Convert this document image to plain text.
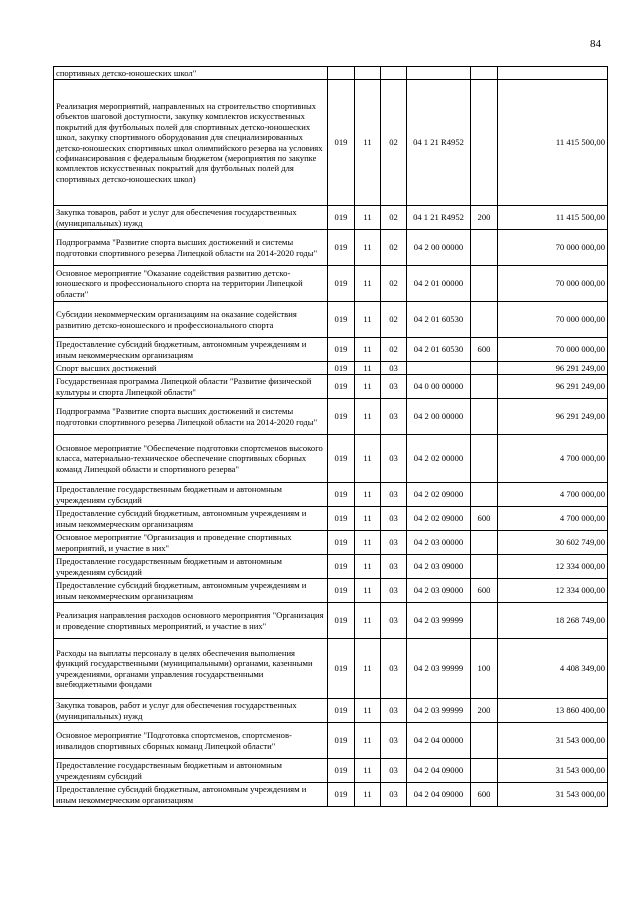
84
спортивных детско-юношеских школ"						
Реализация мероприятий, направленных на строительство спортивных объектов шаговой доступности, закупку комплектов искусственных покрытий для футбольных полей для спортивных детско-юношеских школ, закупку спортивного оборудования для специализированных детско-юношеских спортивных школ олимпийского резерва на условиях софинансирования с федеральным бюджетом (мероприятия по закупке комплектов искусственных покрытий для футбольных полей для спортивных детско-юношеских школ)	019	11	02	04 1 21 R4952		11 415 500,00
Закупка товаров, работ и услуг для обеспечения государственных (муниципальных) нужд	019	11	02	04 1 21 R4952	200	11 415 500,00
Подпрограмма "Развитие спорта высших достижений и системы подготовки спортивного резерва Липецкой области на 2014-2020 годы"	019	11	02	04 2 00 00000		70 000 000,00
Основное мероприятие "Оказание содействия развитию детско-юношеского и профессионального спорта на территории Липецкой области"	019	11	02	04 2 01 00000		70 000 000,00
Субсидии некоммерческим организациям на оказание содействия развитию детско-юношеского и профессионального спорта	019	11	02	04 2 01 60530		70 000 000,00
Предоставление субсидий бюджетным, автономным учреждениям и иным некоммерческим организациям	019	11	02	04 2 01 60530	600	70 000 000,00
Спорт высших достижений	019	11	03			96 291 249,00
Государственная программа Липецкой области "Развитие физической культуры и спорта Липецкой области"	019	11	03	04 0 00 00000		96 291 249,00
Подпрограмма "Развитие спорта высших достижений и системы подготовки спортивного резерва Липецкой области на 2014-2020 годы"	019	11	03	04 2 00 00000		96 291 249,00
Основное мероприятие "Обеспечение подготовки спортсменов высокого класса, материально-техническое обеспечение спортивных сборных команд Липецкой области и спортивного резерва"	019	11	03	04 2 02 00000		4 700 000,00
Предоставление государственным бюджетным и автономным учреждениям субсидий	019	11	03	04 2 02 09000		4 700 000,00
Предоставление субсидий бюджетным, автономным учреждениям и иным некоммерческим организациям	019	11	03	04 2 02 09000	600	4 700 000,00
Основное мероприятие "Организация и проведение спортивных мероприятий, и участие в них"	019	11	03	04 2 03 00000		30 602 749,00
Предоставление государственным бюджетным и автономным учреждениям субсидий	019	11	03	04 2 03 09000		12 334 000,00
Предоставление субсидий бюджетным, автономным учреждениям и иным некоммерческим организациям	019	11	03	04 2 03 09000	600	12 334 000,00
Реализация направления расходов основного мероприятия "Организация и проведение спортивных мероприятий, и участие в них"	019	11	03	04 2 03 99999		18 268 749,00
Расходы на выплаты персоналу в целях обеспечения выполнения функций государственными (муниципальными) органами, казенными учреждениями, органами управления государственными внебюджетными фондами	019	11	03	04 2 03 99999	100	4 408 349,00
Закупка товаров, работ и услуг для обеспечения государственных (муниципальных) нужд	019	11	03	04 2 03 99999	200	13 860 400,00
Основное мероприятие "Подготовка спортсменов, спортсменов-инвалидов спортивных сборных команд Липецкой области"	019	11	03	04 2 04 00000		31 543 000,00
Предоставление государственным бюджетным и автономным учреждениям субсидий	019	11	03	04 2 04 09000		31 543 000,00
Предоставление субсидий бюджетным, автономным учреждениям и иным некоммерческим организациям	019	11	03	04 2 04 09000	600	31 543 000,00
